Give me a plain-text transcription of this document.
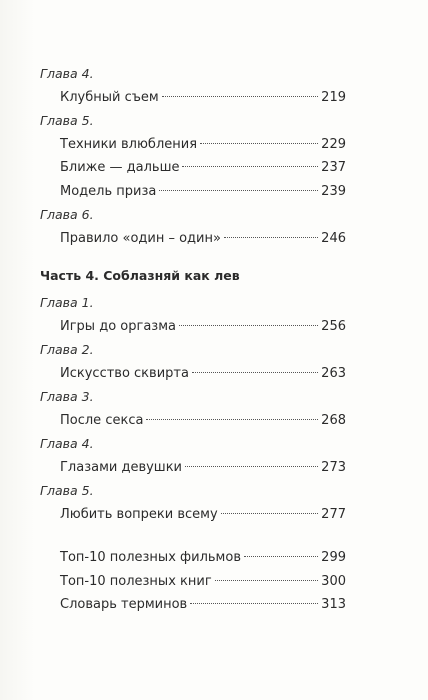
Глава 4.
Клубный съем	219
Глава 5.
Техники влюбления	229
Ближе — дальше	237
Модель приза	239
Глава 6.
Правило «один – один»	246
Часть 4. Соблазняй как лев
Глава 1.
Игры до оргазма	256
Глава 2.
Искусство сквирта	263
Глава 3.
После секса	268
Глава 4.
Глазами девушки	273
Глава 5.
Любить вопреки всему	277
Топ-10 полезных фильмов	299
Топ-10 полезных книг	300
Словарь терминов	313
